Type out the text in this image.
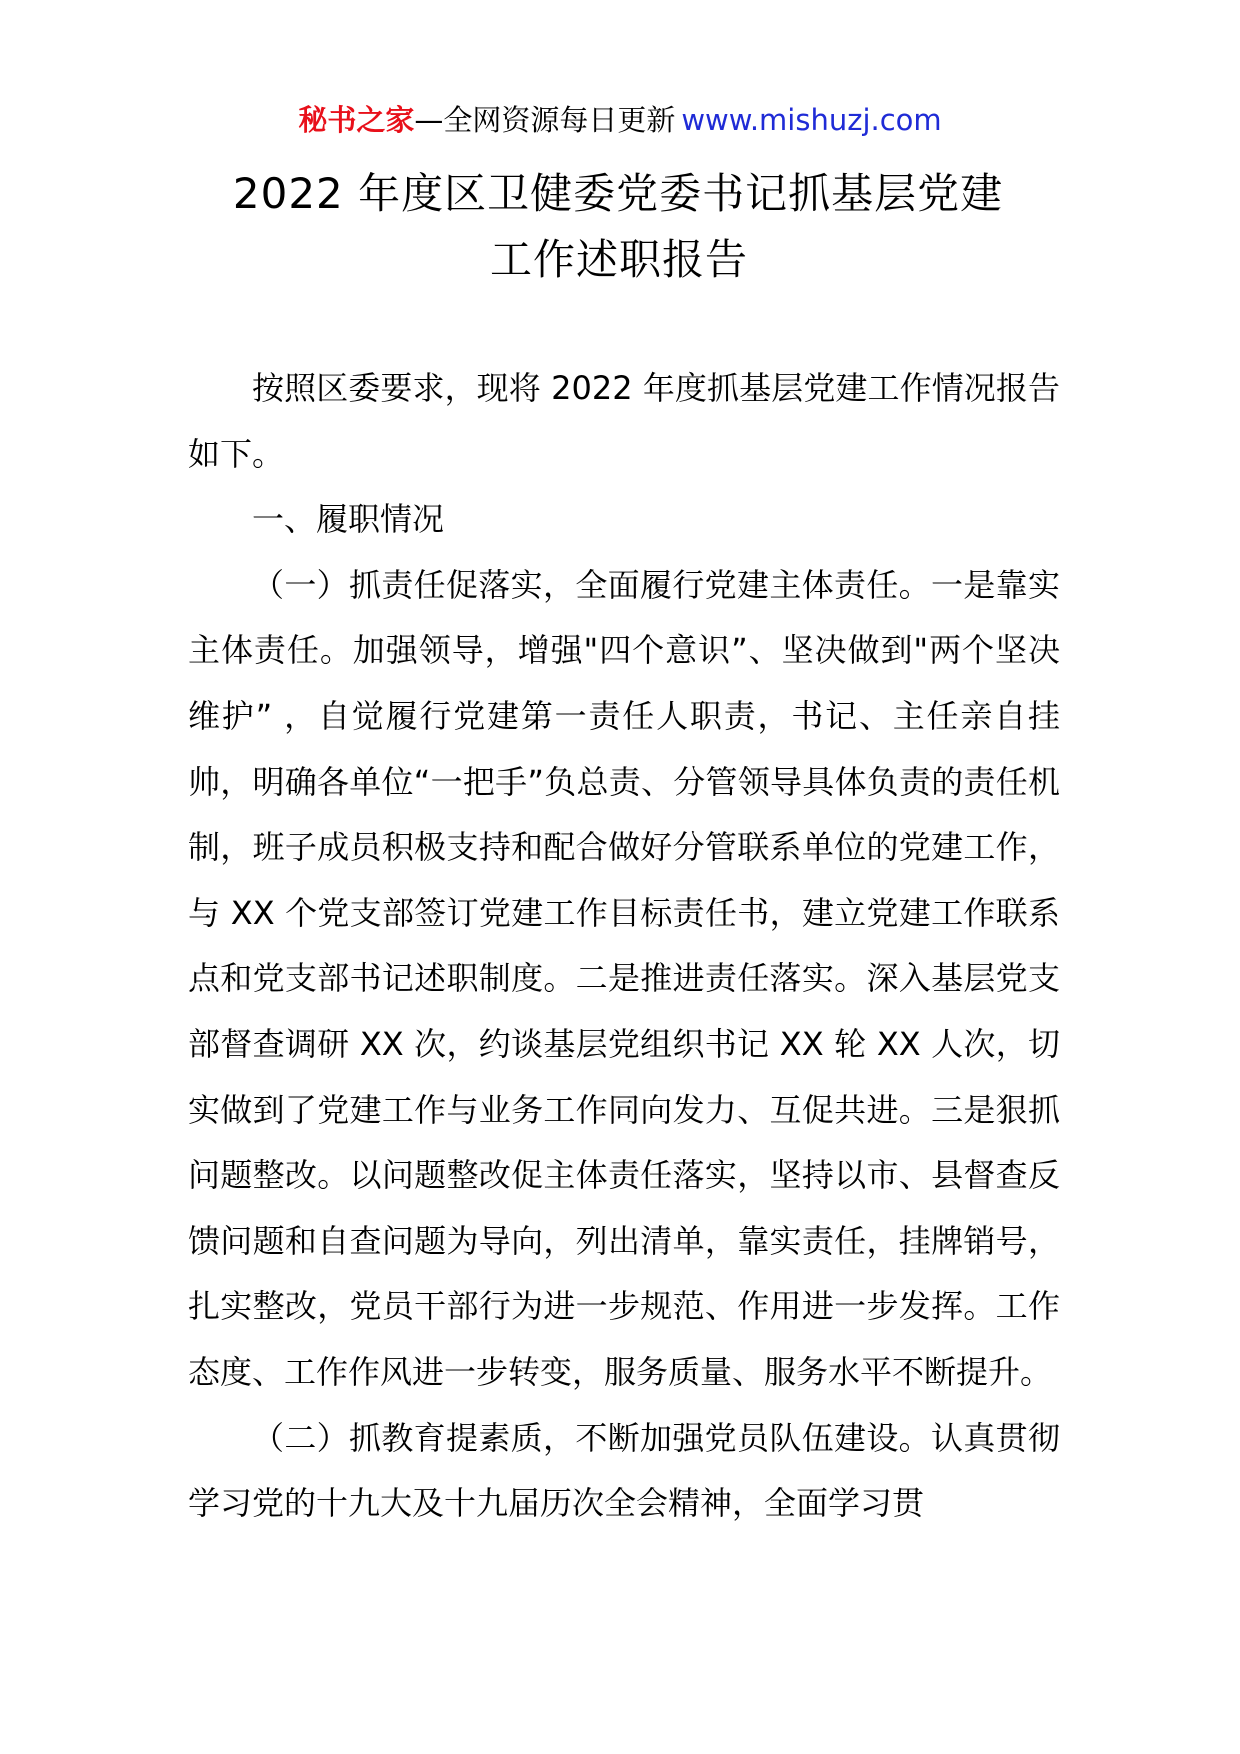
秘书之家—全网资源每日更新 www.mishuzj.com
2022 年度区卫健委党委书记抓基层党建
工作述职报告

按照区委要求，现将 2022 年度抓基层党建工作情况报告如下。

一、履职情况

（一）抓责任促落实，全面履行党建主体责任。一是靠实主体责任。加强领导，增强"四个意识”、坚决做到"两个坚决维护” ，自觉履行党建第一责任人职责，书记、主任亲自挂帅，明确各单位“一把手”负总责、分管领导具体负责的责任机制，班子成员积极支持和配合做好分管联系单位的党建工作，与 XX 个党支部签订党建工作目标责任书，建立党建工作联系点和党支部书记述职制度。二是推进责任落实。深入基层党支部督查调研 XX 次，约谈基层党组织书记 XX 轮 XX 人次，切实做到了党建工作与业务工作同向发力、互促共进。三是狠抓问题整改。以问题整改促主体责任落实，坚持以市、县督查反馈问题和自查问题为导向，列出清单，靠实责任，挂牌销号，扎实整改，党员干部行为进一步规范、作用进一步发挥。工作态度、工作作风进一步转变，服务质量、服务水平不断提升。

（二）抓教育提素质，不断加强党员队伍建设。认真贯彻学习党的十九大及十九届历次全会精神，全面学习贯
